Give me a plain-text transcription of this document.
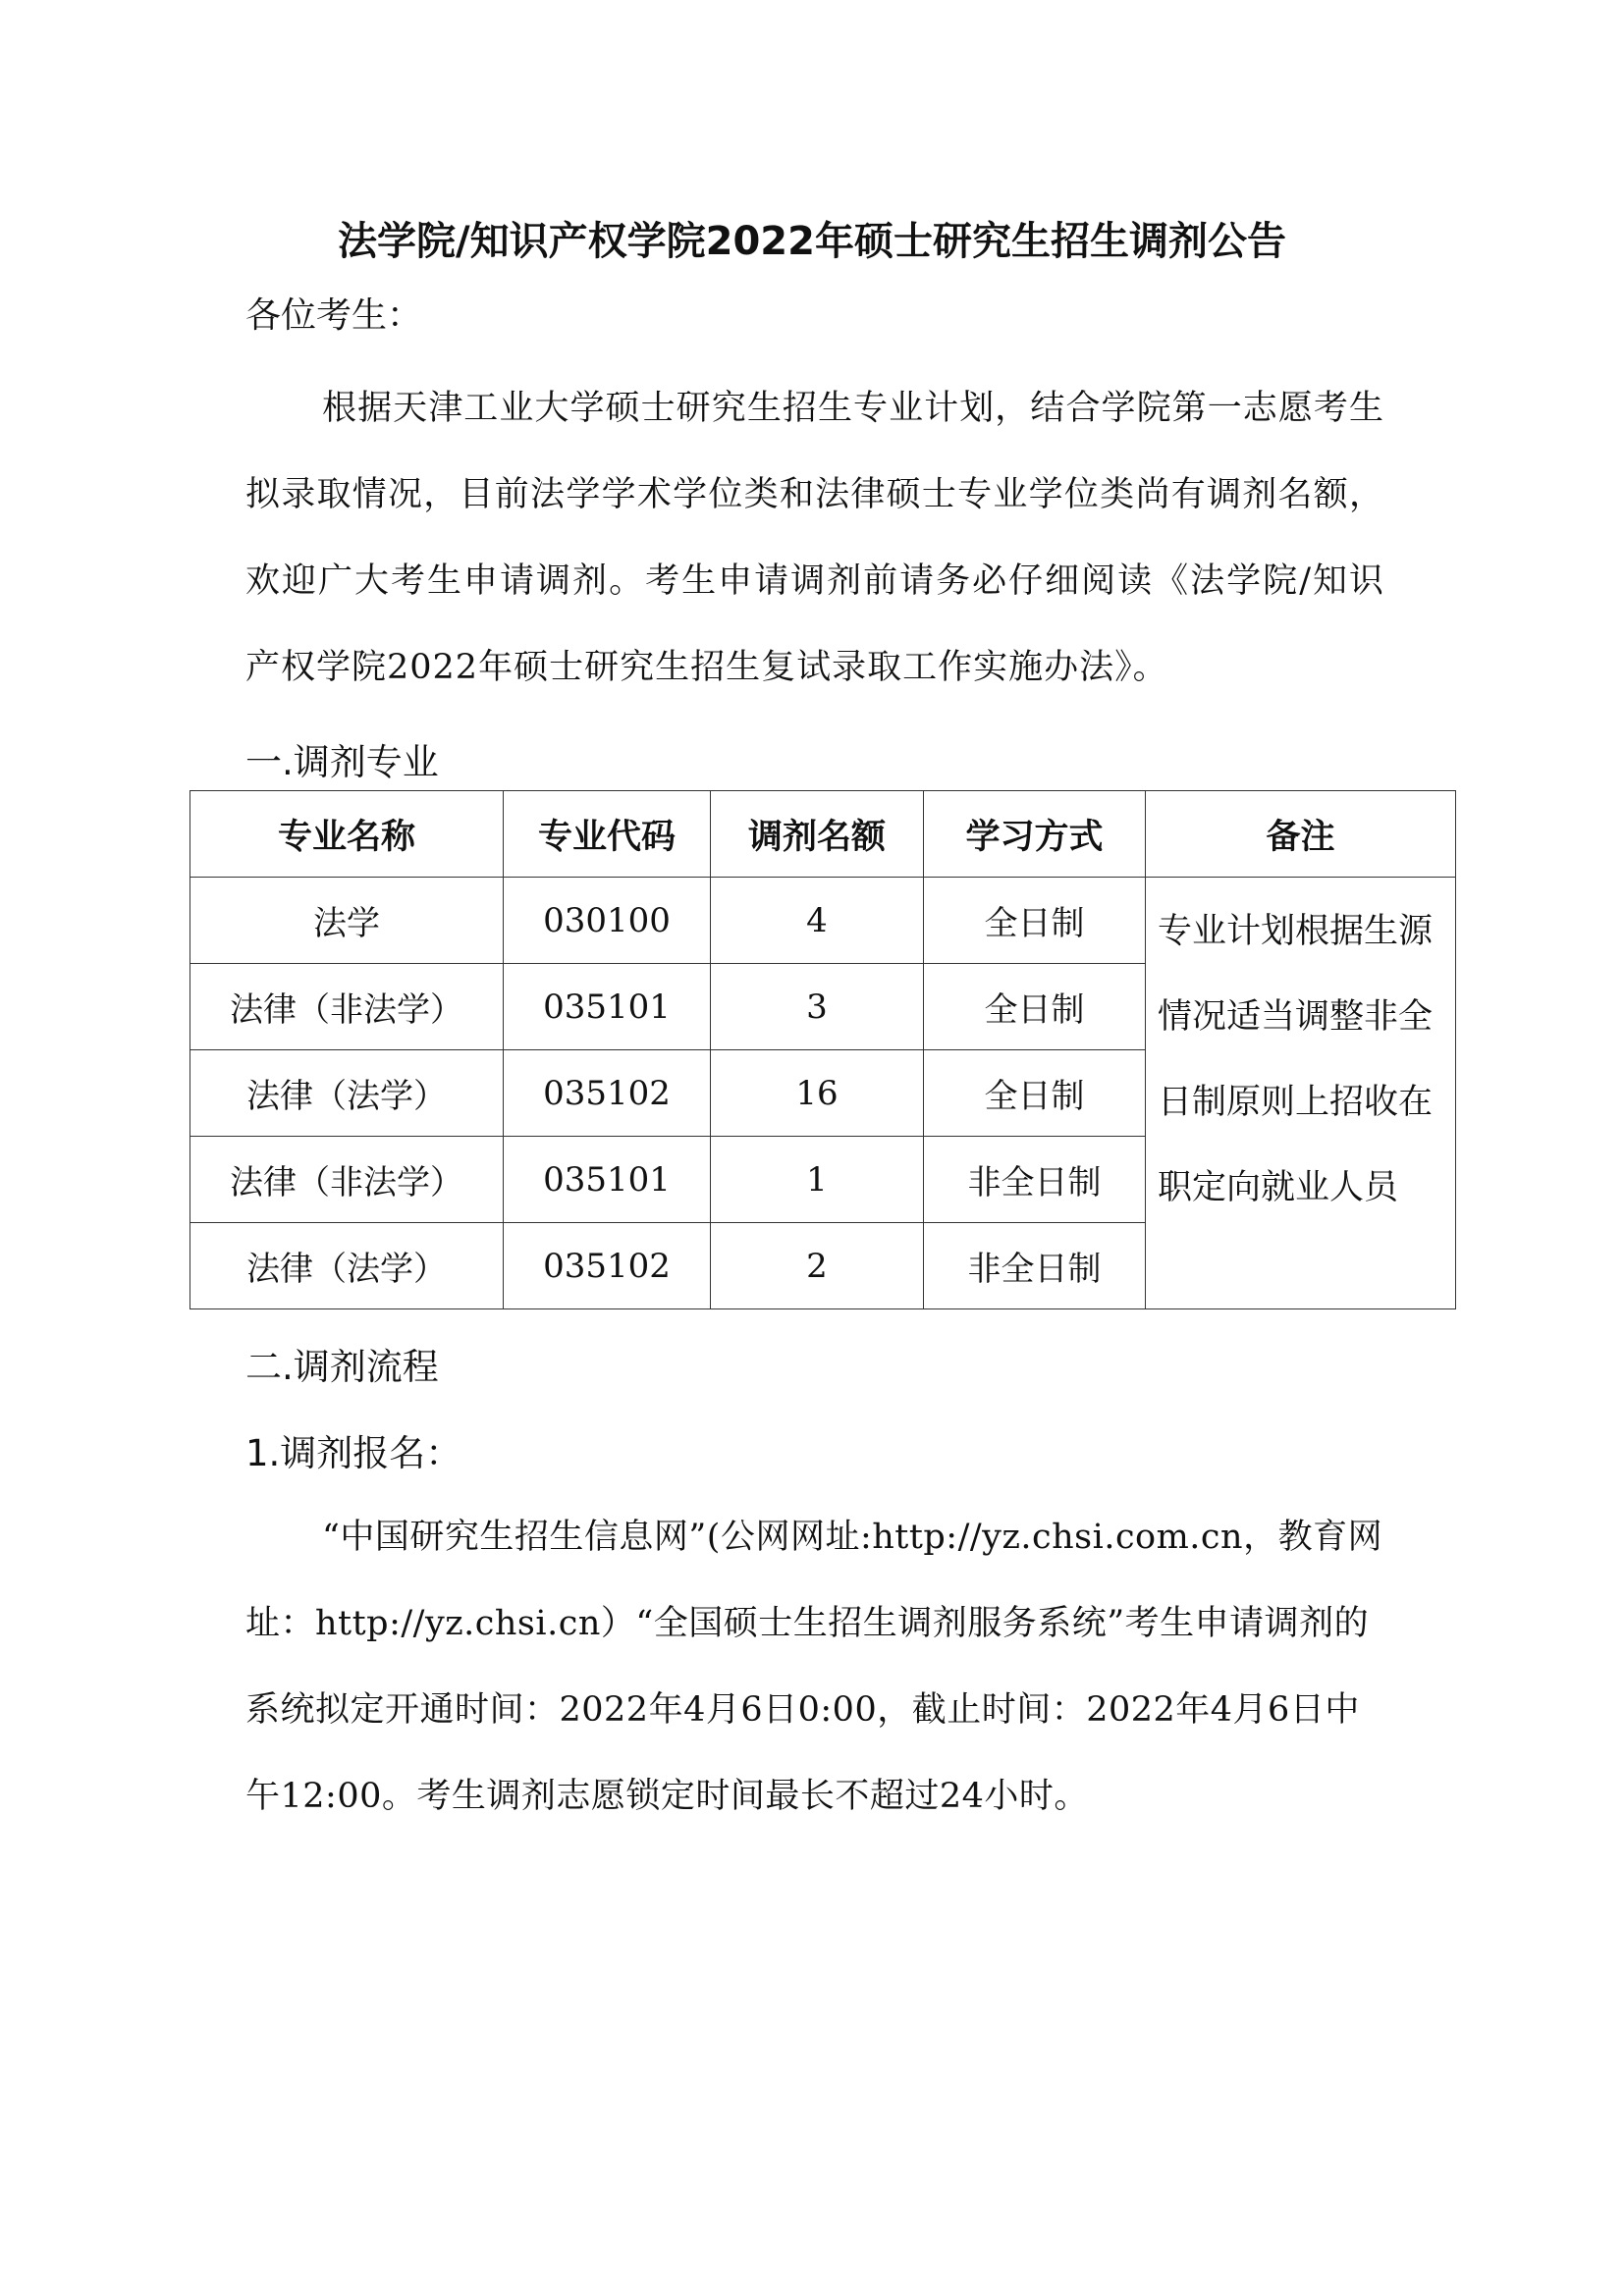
法学院/知识产权学院2022年硕士研究生招生调剂公告
各位考生：
根据天津工业大学硕士研究生招生专业计划，结合学院第一志愿考生拟录取情况，目前法学学术学位类和法律硕士专业学位类尚有调剂名额，欢迎广大考生申请调剂。考生申请调剂前请务必仔细阅读《法学院/知识产权学院2022年硕士研究生招生复试录取工作实施办法》。
一.调剂专业
专业名称	专业代码	调剂名额	学习方式	备注
法学	030100	4	全日制	专业计划根据生源情况适当调整非全日制原则上招收在职定向就业人员
法律（非法学）	035101	3	全日制	
法律（法学）	035102	16	全日制	
法律（非法学）	035101	1	非全日制	
法律（法学）	035102	2	非全日制	
二.调剂流程
1.调剂报名：
“中国研究生招生信息网”(公网网址:http://yz.chsi.com.cn，教育网址：http://yz.chsi.cn）“全国硕士生招生调剂服务系统”考生申请调剂的系统拟定开通时间：2022年4月6日0:00，截止时间：2022年4月6日中午12:00。考生调剂志愿锁定时间最长不超过24小时。
